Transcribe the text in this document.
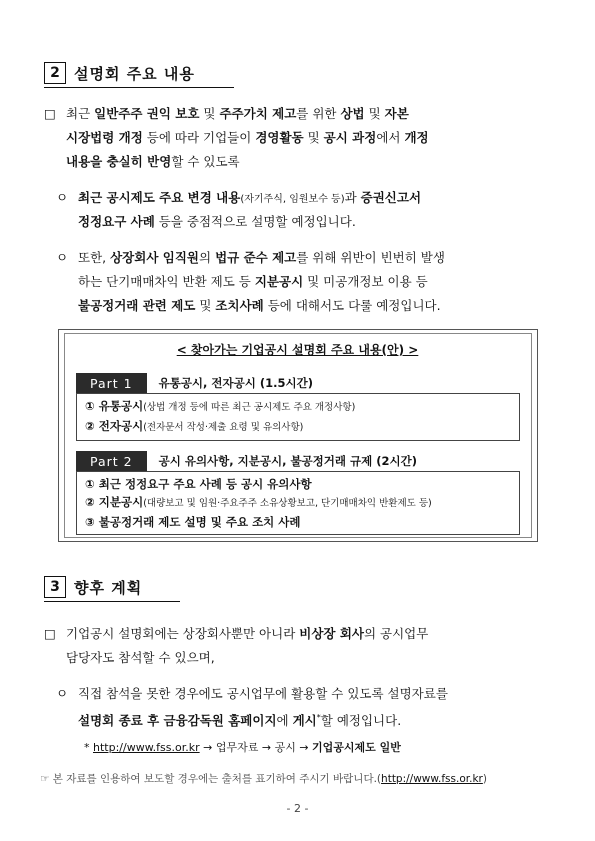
2 설명회 주요 내용
□ 최근 일반주주 권익 보호 및 주주가치 제고를 위한 상법 및 자본
시장법령 개정 등에 따라 기업들이 경영활동 및 공시 과정에서 개정
내용을 충실히 반영할 수 있도록
ㅇ 최근 공시제도 주요 변경 내용(자기주식, 임원보수 등)과 증권신고서
정정요구 사례 등을 중점적으로 설명할 예정입니다.
ㅇ 또한, 상장회사 임직원의 법규 준수 제고를 위해 위반이 빈번히 발생
하는 단기매매차익 반환 제도 등 지분공시 및 미공개정보 이용 등
불공정거래 관련 제도 및 조치사례 등에 대해서도 다룰 예정입니다.
< 찾아가는 기업공시 설명회 주요 내용(안) >
Part 1	유통공시, 전자공시 (1.5시간)
① 유통공시(상법 개정 등에 따른 최근 공시제도 주요 개정사항)
② 전자공시(전자문서 작성·제출 요령 및 유의사항)
Part 2	공시 유의사항, 지분공시, 불공정거래 규제 (2시간)
① 최근 정정요구 주요 사례 등 공시 유의사항
② 지분공시(대량보고 및 임원·주요주주 소유상황보고, 단기매매차익 반환제도 등)
③ 불공정거래 제도 설명 및 주요 조치 사례
3 향후 계획
□ 기업공시 설명회에는 상장회사뿐만 아니라 비상장 회사의 공시업무
담당자도 참석할 수 있으며,
ㅇ 직접 참석을 못한 경우에도 공시업무에 활용할 수 있도록 설명자료를
설명회 종료 후 금융감독원 홈페이지에 게시*할 예정입니다.
* http://www.fss.or.kr → 업무자료 → 공시 → 기업공시제도 일반
☞ 본 자료를 인용하여 보도할 경우에는 출처를 표기하여 주시기 바랍니다.(http://www.fss.or.kr)
- 2 -
